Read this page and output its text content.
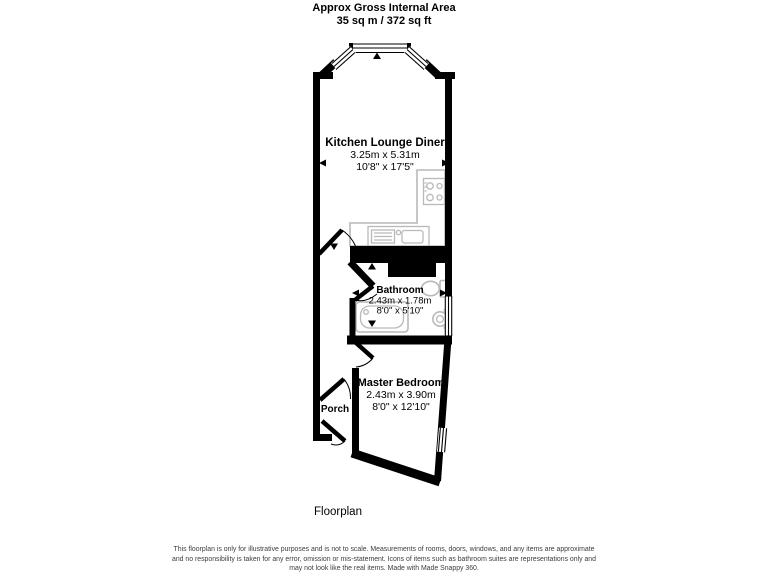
Approx Gross Internal Area
35 sq m / 372 sq ft
Kitchen Lounge Diner
3.25m x 5.31m
10'8" x 17'5"
Bathroom
2.43m x 1.78m
8'0" x 5'10"
Master Bedroom
2.43m x 3.90m
8'0" x 12'10"
Porch
Floorplan
This floorplan is only for illustrative purposes and is not to scale. Measurements of rooms, doors, windows, and any items are approximate
and no responsibility is taken for any error, omission or mis-statement. Icons of items such as bathroom suites are representations only and
may not look like the real items. Made with Made Snappy 360.
